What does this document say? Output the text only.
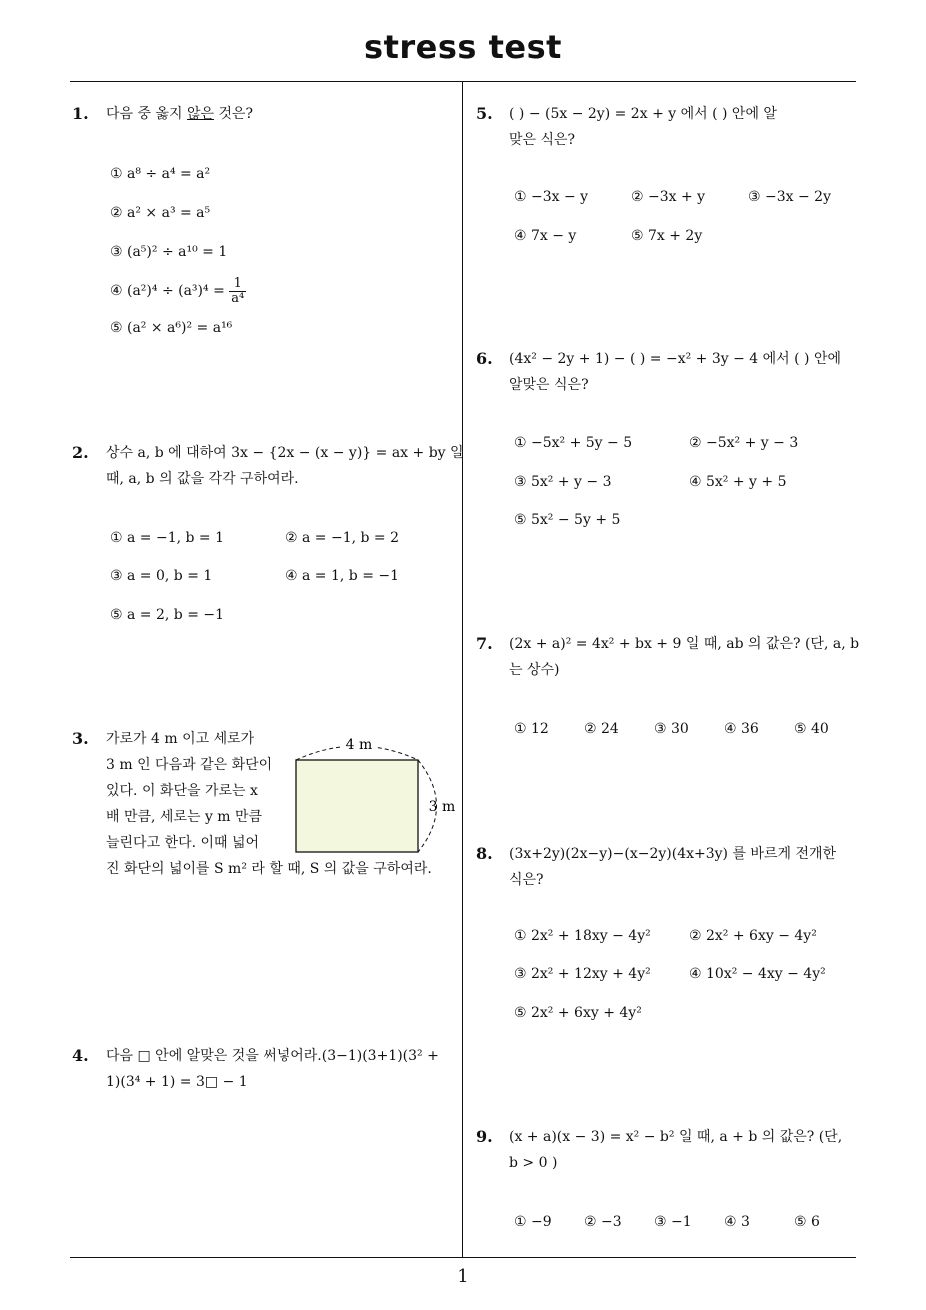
stress test
1
1. 다음 중 옳지 않은 것은?
① a⁸ ÷ a⁴ = a²
② a² × a³ = a⁵
③ (a⁵)² ÷ a¹⁰ = 1
④ $(a^2)^4 \div (a^3)^4 = \frac{1}{\text{a⁴}}$
⑤ (a² × a⁶)² = a¹⁶
2. 상수 a, b 에 대하여 3x − {2x − (x − y)} = ax + by 일
때, a, b 의 값을 각각 구하여라.
① a = −1, b = 1	② a = −1, b = 2
③ a = 0, b = 1	④ a = 1, b = −1
⑤ a = 2, b = −1
3. 가로가 4 m 이고 세로가
3 m 인 다음과 같은 화단이
있다. 이 화단을 가로는 x
배 만큼, 세로는 y m 만큼
늘린다고 한다. 이때 넓어
진 화단의 넓이를 S m² 라 할 때, S 의 값을 구하여라.
4 m
3 m
4. 다음 □ 안에 알맞은 것을 써넣어라.(3−1)(3+1)(3² +
1)(3⁴ + 1) = 3□ − 1
5. ( ) − (5x − 2y) = 2x + y 에서 ( ) 안에 알
맞은 식은?
① −3x − y	② −3x + y	③ −3x − 2y
④ 7x − y	⑤ 7x + 2y
6. (4x² − 2y + 1) − ( ) = −x² + 3y − 4 에서 ( ) 안에
알맞은 식은?
① −5x² + 5y − 5	② −5x² + y − 3
③ 5x² + y − 3	④ 5x² + y + 5
⑤ 5x² − 5y + 5
7. (2x + a)² = 4x² + bx + 9 일 때, ab 의 값은? (단, a, b
는 상수)
① 12	② 24	③ 30	④ 36	⑤ 40
8. (3x+2y)(2x−y)−(x−2y)(4x+3y) 를 바르게 전개한
식은?
① 2x² + 18xy − 4y²	② 2x² + 6xy − 4y²
③ 2x² + 12xy + 4y²	④ 10x² − 4xy − 4y²
⑤ 2x² + 6xy + 4y²
9. (x + a)(x − 3) = x² − b² 일 때, a + b 의 값은? (단,
b > 0 )
① −9 ② −3 ③ −1 ④ 3	⑤ 6
